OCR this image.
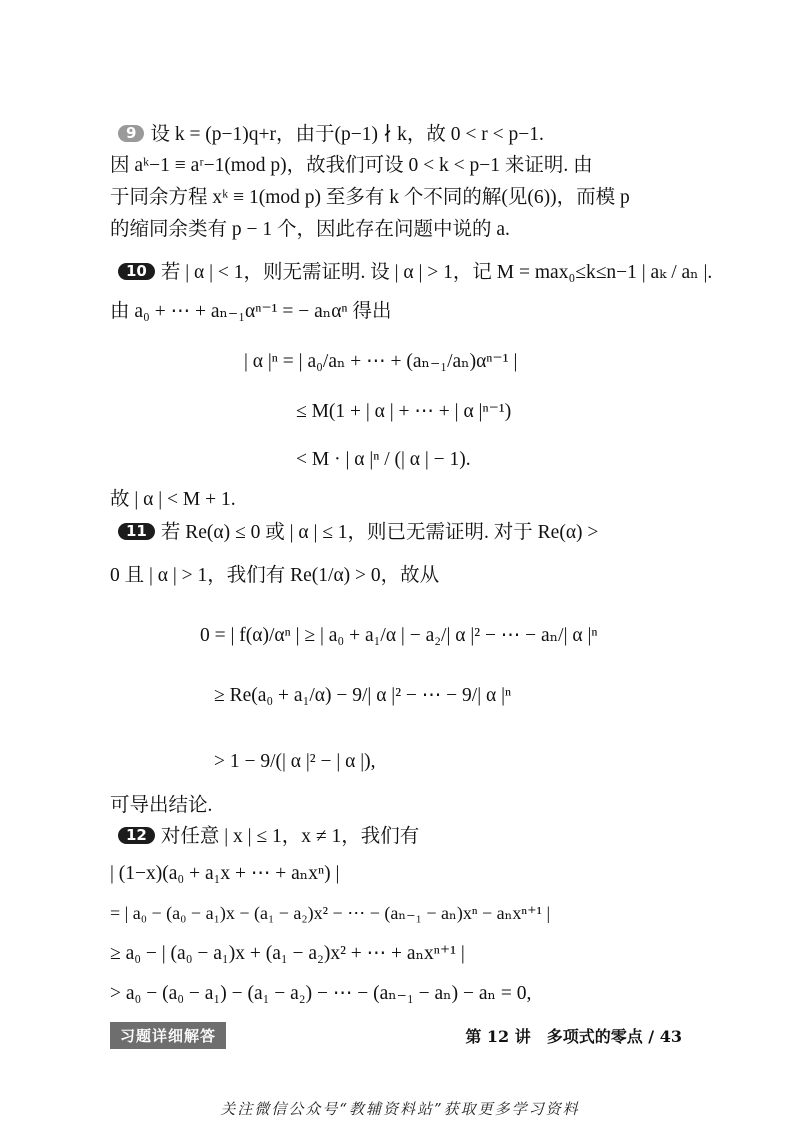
9 设 k = (p−1)q+r，由于(p−1) ∤ k，故 0 < r < p−1.
因 aᵏ−1 ≡ aʳ−1(mod p)，故我们可设 0 < k < p−1 来证明. 由
于同余方程 xᵏ ≡ 1(mod p) 至多有 k 个不同的解(见(6))，而模 p
的缩同余类有 p − 1 个，因此存在问题中说的 a.
10 若 | α | < 1，则无需证明. 设 | α | > 1，记 M = max₀≤k≤n−1 | aₖ / aₙ |.
由 a₀ + ⋯ + aₙ₋₁αⁿ⁻¹ = − aₙαⁿ 得出
| α |ⁿ = | a₀/aₙ + ⋯ + (aₙ₋₁/aₙ)αⁿ⁻¹ |
≤ M(1 + | α | + ⋯ + | α |ⁿ⁻¹)
< M · | α |ⁿ / (| α | − 1).
故 | α | < M + 1.
11 若 Re(α) ≤ 0 或 | α | ≤ 1，则已无需证明. 对于 Re(α) >
0 且 | α | > 1，我们有 Re(1/α) > 0，故从
0 = | f(α)/αⁿ | ≥ | a₀ + a₁/α | − a₂/| α |² − ⋯ − aₙ/| α |ⁿ
≥ Re(a₀ + a₁/α) − 9/| α |² − ⋯ − 9/| α |ⁿ
> 1 − 9/(| α |² − | α |),
可导出结论.
12 对任意 | x | ≤ 1，x ≠ 1，我们有
| (1−x)(a₀ + a₁x + ⋯ + aₙxⁿ) |
= | a₀ − (a₀ − a₁)x − (a₁ − a₂)x² − ⋯ − (aₙ₋₁ − aₙ)xⁿ − aₙxⁿ⁺¹ |
≥ a₀ − | (a₀ − a₁)x + (a₁ − a₂)x² + ⋯ + aₙxⁿ⁺¹ |
> a₀ − (a₀ − a₁) − (a₁ − a₂) − ⋯ − (aₙ₋₁ − aₙ) − aₙ = 0,
习题详细解答	第 12 讲　多项式的零点 / 43
关注微信公众号“教辅资料站”获取更多学习资料
